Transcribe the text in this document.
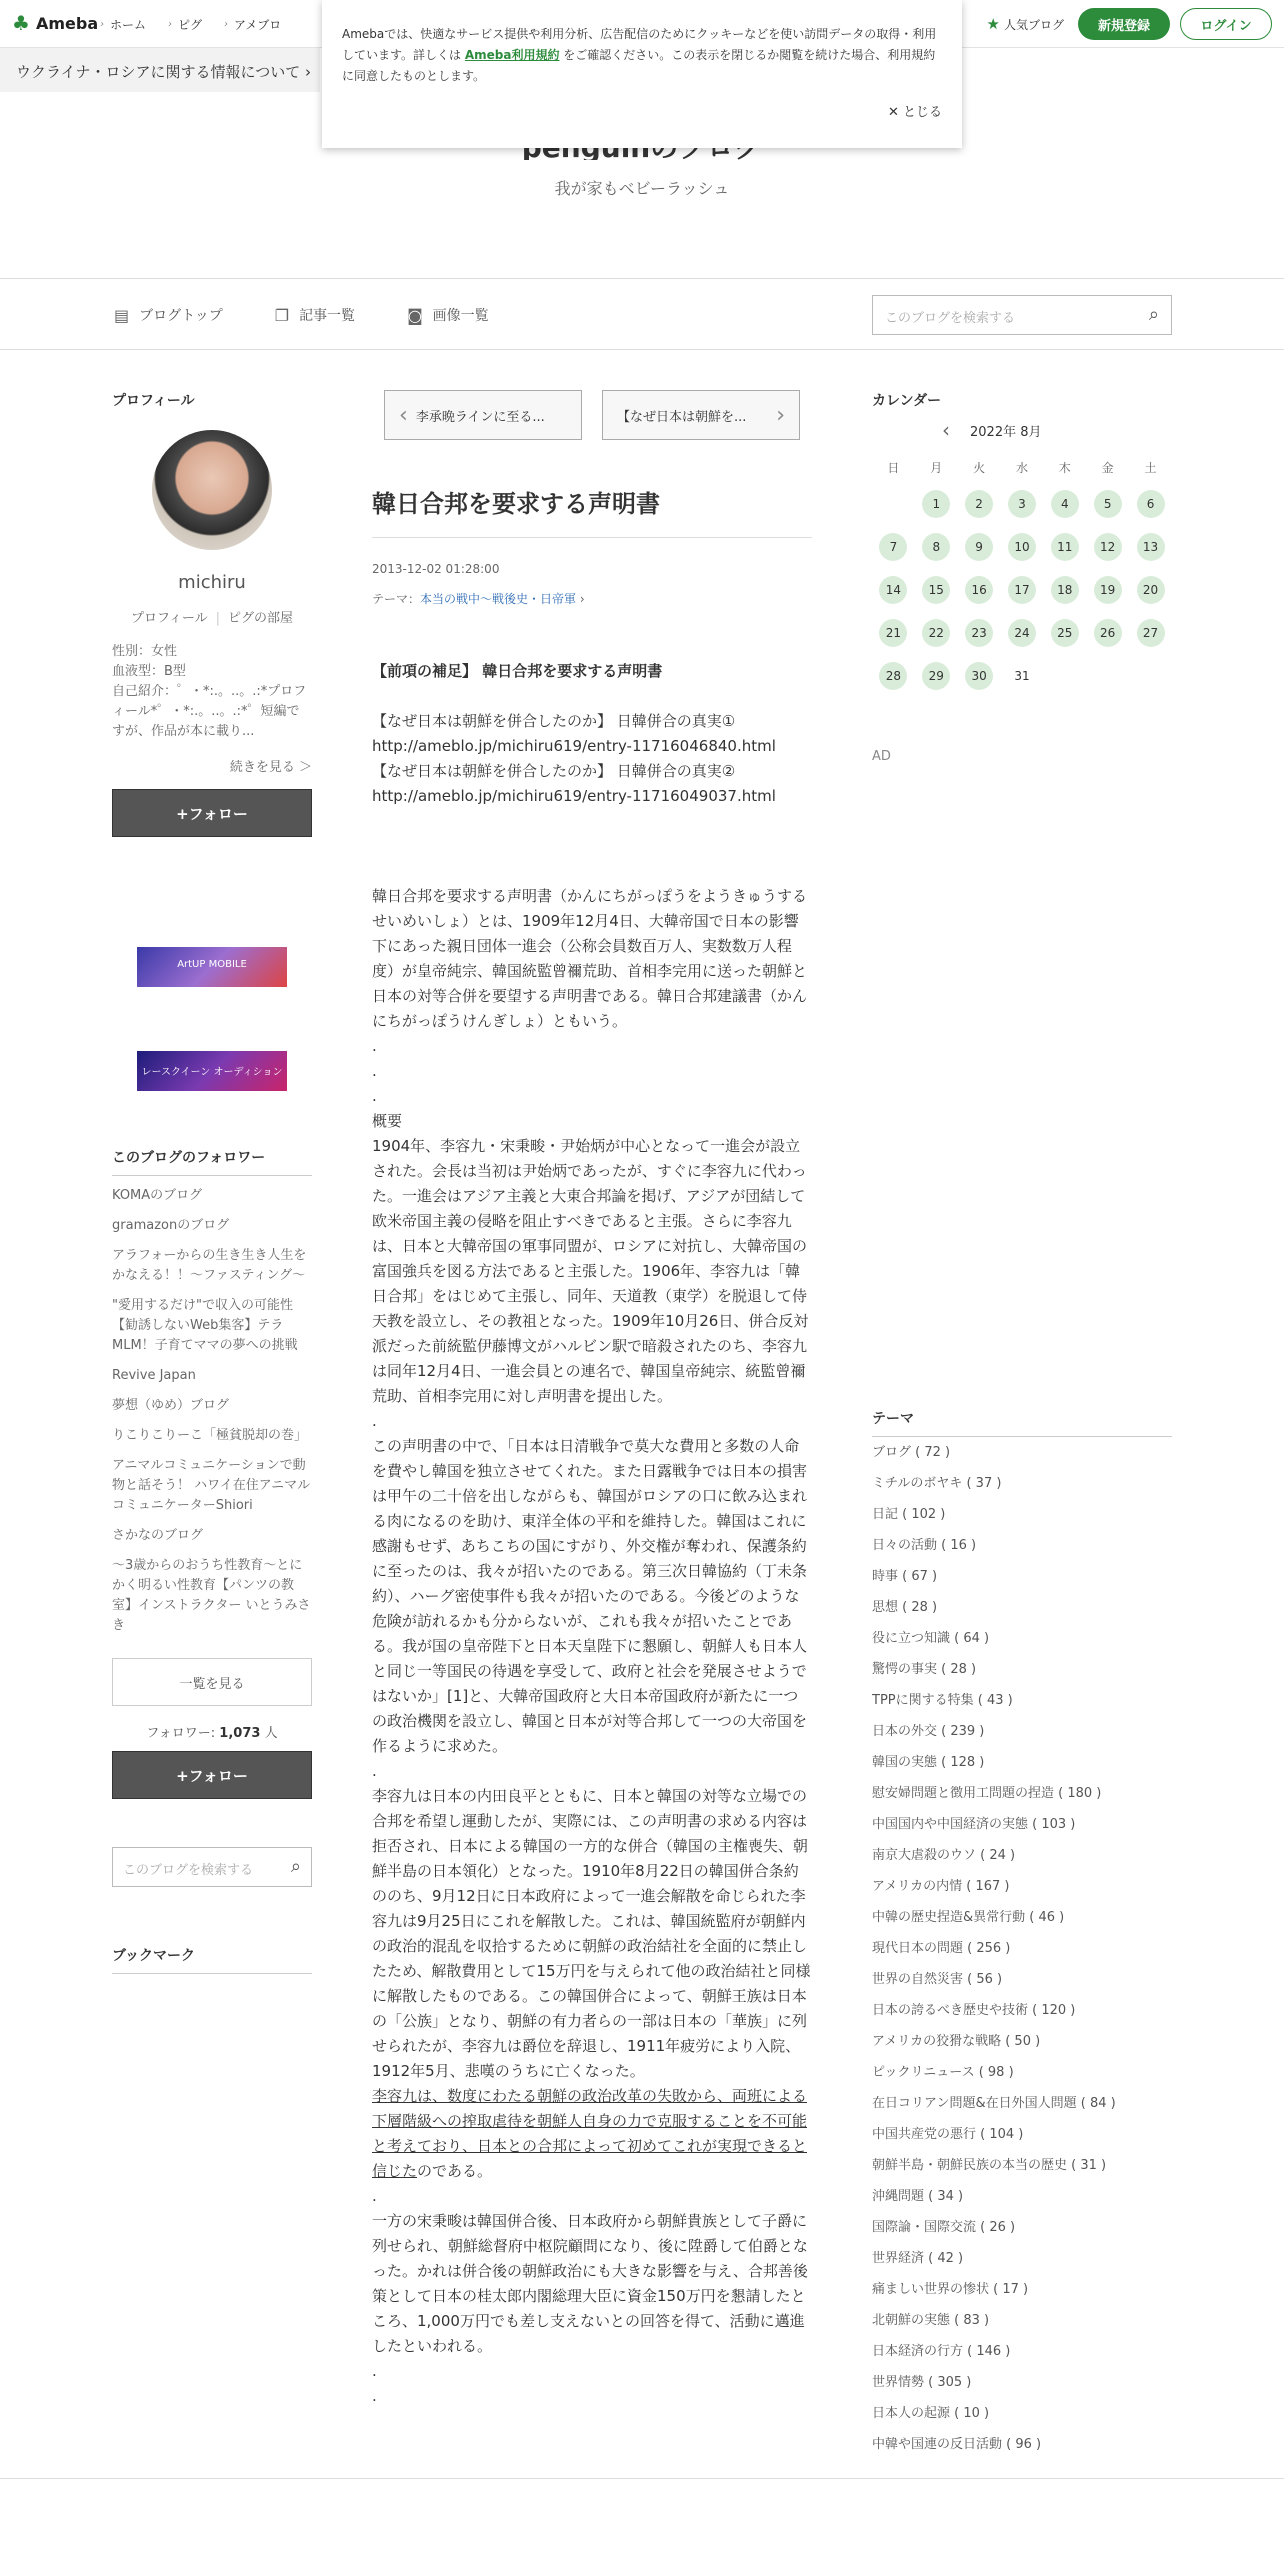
♣ Ameba › ホーム › ピグ › アメブロ	★ 人気ブログ	新規登録	ログイン
ウクライナ・ロシアに関する情報について ›
我が家もベビーラッシュ
Amebaでは、快適なサービス提供や利用分析、広告配信のためにクッキーなどを使い訪問データの取得・利用しています。詳しくは Ameba利用規約 をご確認ください。この表示を閉じるか閲覧を続けた場合、利用規約に同意したものとします。
✕ とじる
▤ ブログトップ	❐ 記事一覧	◙ 画像一覧	このブログを検索する	⌕
プロフィール
michiru
プロフィール | ピグの部屋
性別：女性
血液型：B型
自己紹介：゜・*:.。..。.:*プロフィール*゜・*:.。..。.:*゜短編ですが、作品が本に載り...
続きを見る ＞
+フォロー
ArtUP MOBILE
レースクイーン オーディション
このブログのフォロワー
KOMAのブログ
gramazonのブログ
アラフォーからの生き生き人生をかなえる！！～ファスティング～
"愛用するだけ"で収入の可能性【勧誘しないWeb集客】テラMLM！子育てママの夢への挑戦
Revive Japan
夢想（ゆめ）ブログ
りこりこりーこ「極貧脱却の巻」
アニマルコミュニケーションで動物と話そう！ ハワイ在住アニマルコミュニケーターShiori
さかなのブログ
〜3歳からのおうち性教育〜とにかく明るい性教育【パンツの教室】インストラクター いとうみさき
一覧を見る
フォロワー: 1,073 人
+フォロー
このブログを検索する ⌕
ブックマーク
‹ 李承晩ラインに至る...	【なぜ日本は朝鮮を... ›
韓日合邦を要求する声明書
2013-12-02 01:28:00
テーマ：本当の戦中～戦後史・日帝軍 ›

【前項の補足】 韓日合邦を要求する声明書

【なぜ日本は朝鮮を併合したのか】 日韓併合の真実①

http://ameblo.jp/michiru619/entry-11716046840.html

【なぜ日本は朝鮮を併合したのか】 日韓併合の真実②

http://ameblo.jp/michiru619/entry-11716049037.html

韓日合邦を要求する声明書（かんにちがっぽうをようきゅうするせいめいしょ）とは、1909年12月4日、大韓帝国で日本の影響下にあった親日団体一進会（公称会員数百万人、実数数万人程度）が皇帝純宗、韓国統監曾禰荒助、首相李完用に送った朝鮮と日本の対等合併を要望する声明書である。韓日合邦建議書（かんにちがっぽうけんぎしょ）ともいう。

.

.

.

概要

1904年、李容九・宋秉畯・尹始炳が中心となって一進会が設立された。会長は当初は尹始炳であったが、すぐに李容九に代わった。一進会はアジア主義と大東合邦論を掲げ、アジアが団結して欧米帝国主義の侵略を阻止すべきであると主張。さらに李容九は、日本と大韓帝国の軍事同盟が、ロシアに対抗し、大韓帝国の富国強兵を図る方法であると主張した。1906年、李容九は「韓日合邦」をはじめて主張し、同年、天道教（東学）を脱退して侍天教を設立し、その教祖となった。1909年10月26日、併合反対派だった前統監伊藤博文がハルビン駅で暗殺されたのち、李容九は同年12月4日、一進会員との連名で、韓国皇帝純宗、統監曾禰荒助、首相李完用に対し声明書を提出した。

.

この声明書の中で、「日本は日清戦争で莫大な費用と多数の人命を費やし韓国を独立させてくれた。また日露戦争では日本の損害は甲午の二十倍を出しながらも、韓国がロシアの口に飲み込まれる肉になるのを助け、東洋全体の平和を維持した。韓国はこれに感謝もせず、あちこちの国にすがり、外交権が奪われ、保護条約に至ったのは、我々が招いたのである。第三次日韓協約（丁未条約）、ハーグ密使事件も我々が招いたのである。今後どのような危険が訪れるかも分からないが、これも我々が招いたことである。我が国の皇帝陛下と日本天皇陛下に懇願し、朝鮮人も日本人と同じ一等国民の待遇を享受して、政府と社会を発展させようではないか」[1]と、大韓帝国政府と大日本帝国政府が新たに一つの政治機関を設立し、韓国と日本が対等合邦して一つの大帝国を作るように求めた。

.

李容九は日本の内田良平とともに、日本と韓国の対等な立場での合邦を希望し運動したが、実際には、この声明書の求める内容は拒否され、日本による韓国の一方的な併合（韓国の主権喪失、朝鮮半島の日本領化）となった。1910年8月22日の韓国併合条約ののち、9月12日に日本政府によって一進会解散を命じられた李容九は9月25日にこれを解散した。これは、韓国統監府が朝鮮内の政治的混乱を収拾するために朝鮮の政治結社を全面的に禁止したため、解散費用として15万円を与えられて他の政治結社と同様に解散したものである。この韓国併合によって、朝鮮王族は日本の「公族」となり、朝鮮の有力者らの一部は日本の「華族」に列せられたが、李容九は爵位を辞退し、1911年疲労により入院、1912年5月、悲嘆のうちに亡くなった。

李容九は、数度にわたる朝鮮の政治改革の失敗から、両班による下層階級への搾取虐待を朝鮮人自身の力で克服することを不可能と考えており、日本との合邦によって初めてこれが実現できると信じたのである。

.

一方の宋秉畯は韓国併合後、日本政府から朝鮮貴族として子爵に列せられ、朝鮮総督府中枢院顧問になり、後に陞爵して伯爵となった。かれは併合後の朝鮮政治にも大きな影響を与え、合邦善後策として日本の桂太郎内閣総理大臣に資金150万円を懇請したところ、1,000万円でも差し支えないとの回答を得て、活動に邁進したといわれる。

.

.

カレンダー
‹ 2022年 8月
日	月	火	水	木	金	土
	1	2	3	4	5	6
7	8	9	10	11	12	13
14	15	16	17	18	19	20
21	22	23	24	25	26	27
28	29	30	31			
AD
テーマ
ブログ ( 72 )
ミチルのボヤキ ( 37 )
日記 ( 102 )
日々の活動 ( 16 )
時事 ( 67 )
思想 ( 28 )
役に立つ知識 ( 64 )
驚愕の事実 ( 28 )
TPPに関する特集 ( 43 )
日本の外交 ( 239 )
韓国の実態 ( 128 )
慰安婦問題と徴用工問題の捏造 ( 180 )
中国国内や中国経済の実態 ( 103 )
南京大虐殺のウソ ( 24 )
アメリカの内情 ( 167 )
中韓の歴史捏造&異常行動 ( 46 )
現代日本の問題 ( 256 )
世界の自然災害 ( 56 )
日本の誇るべき歴史や技術 ( 120 )
アメリカの狡猾な戦略 ( 50 )
ピックリニュース ( 98 )
在日コリアン問題&在日外国人問題 ( 84 )
中国共産党の悪行 ( 104 )
朝鮮半島・朝鮮民族の本当の歴史 ( 31 )
沖縄問題 ( 34 )
国際論・国際交流 ( 26 )
世界経済 ( 42 )
痛ましい世界の惨状 ( 17 )
北朝鮮の実態 ( 83 )
日本経済の行方 ( 146 )
世界情勢 ( 305 )
日本人の起源 ( 10 )
中韓や国連の反日活動 ( 96 )
